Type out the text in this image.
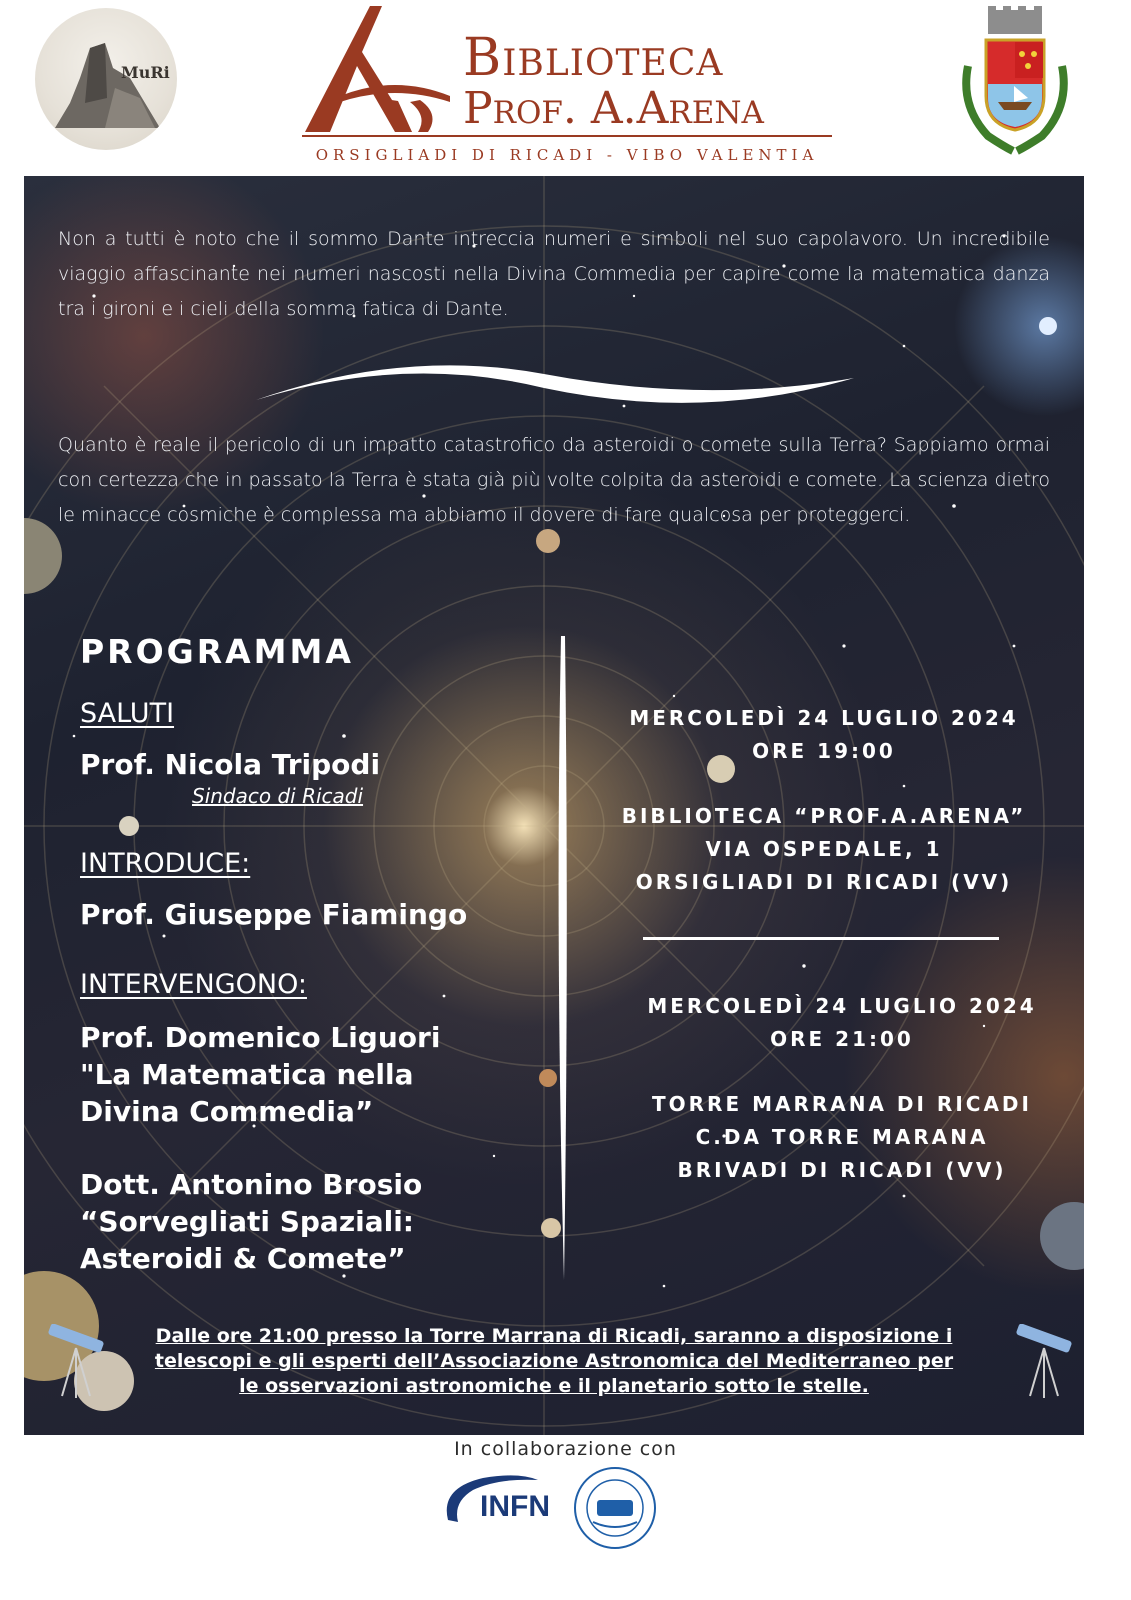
MuRi	Biblioteca
Prof. A.Arena
ORSIGLIADI DI RICADI - VIBO VALENTIA
Non a tutti è noto che il sommo Dante intreccia numeri e simboli nel suo capolavoro. Un incredibile viaggio affascinante nei numeri nascosti nella Divina Commedia per capire come la matematica danza tra i gironi e i cieli della somma fatica di Dante.
Quanto è reale il pericolo di un impatto catastrofico da asteroidi o comete sulla Terra? Sappiamo ormai con certezza che in passato la Terra è stata già più volte colpita da asteroidi e comete. La scienza dietro le minacce cosmiche è complessa ma abbiamo il dovere di fare qualcosa per proteggerci.
PROGRAMMA
SALUTI
Prof. Nicola Tripodi
Sindaco di Ricadi
INTRODUCE:
Prof. Giuseppe Fiamingo
INTERVENGONO:
Prof. Domenico Liguori
"La Matematica nella
Divina Commedia”
Dott. Antonino Brosio
“Sorvegliati Spaziali:
Asteroidi & Comete”
MERCOLEDÌ 24 LUGLIO 2024
ORE 19:00
BIBLIOTECA “PROF.A.ARENA”
VIA OSPEDALE, 1
ORSIGLIADI DI RICADI (VV)
MERCOLEDÌ 24 LUGLIO 2024
ORE 21:00
TORRE MARRANA DI RICADI
C.DA TORRE MARANA
BRIVADI DI RICADI (VV)
Dalle ore 21:00 presso la Torre Marrana di Ricadi, saranno a disposizione i
telescopi e gli esperti dell’Associazione Astronomica del Mediterraneo per
le osservazioni astronomiche e il planetario sotto le stelle.
In collaborazione con
INFN
